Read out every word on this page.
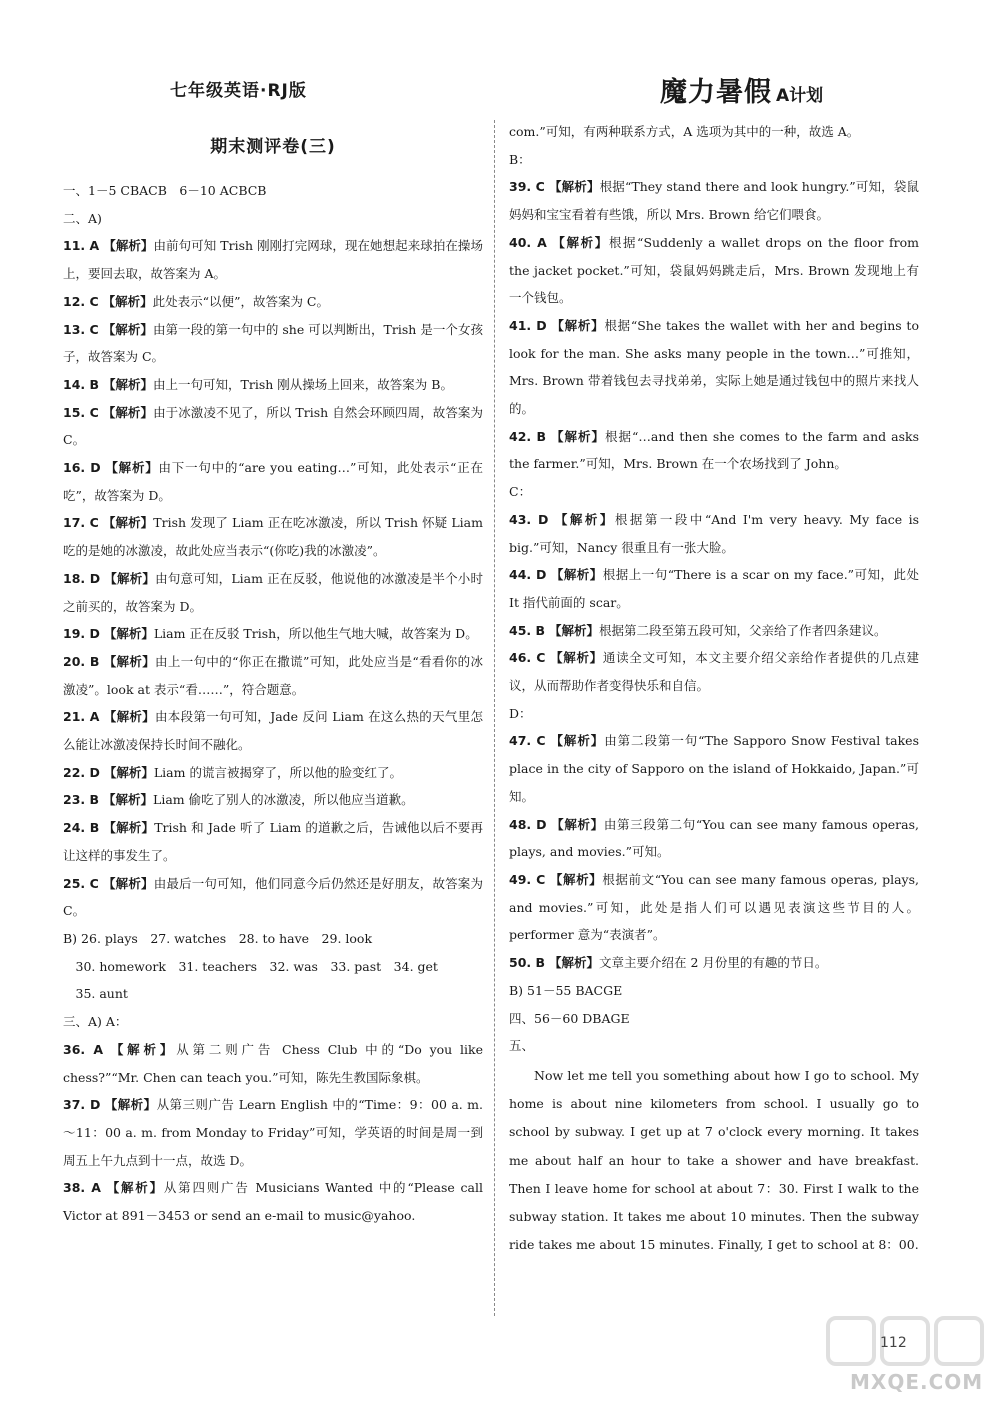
七年级英语·RJ版	魔力暑假 A计划
期末测评卷(三)
一、1－5 CBACB　6－10 ACBCB
二、A)
11. A 【解析】由前句可知 Trish 刚刚打完网球，现在她想起来球拍在操场上，要回去取，故答案为 A。
12. C 【解析】此处表示“以便”，故答案为 C。
13. C 【解析】由第一段的第一句中的 she 可以判断出，Trish 是一个女孩子，故答案为 C。
14. B 【解析】由上一句可知，Trish 刚从操场上回来，故答案为 B。
15. C 【解析】由于冰激凌不见了，所以 Trish 自然会环顾四周，故答案为 C。
16. D 【解析】由下一句中的“are you eating…”可知，此处表示“正在吃”，故答案为 D。
17. C 【解析】Trish 发现了 Liam 正在吃冰激凌，所以 Trish 怀疑 Liam 吃的是她的冰激凌，故此处应当表示“(你吃)我的冰激凌”。
18. D 【解析】由句意可知，Liam 正在反驳，他说他的冰激凌是半个小时之前买的，故答案为 D。
19. D 【解析】Liam 正在反驳 Trish，所以他生气地大喊，故答案为 D。
20. B 【解析】由上一句中的“你正在撒谎”可知，此处应当是“看看你的冰激凌”。look at 表示“看……”，符合题意。
21. A 【解析】由本段第一句可知，Jade 反问 Liam 在这么热的天气里怎么能让冰激凌保持长时间不融化。
22. D 【解析】Liam 的谎言被揭穿了，所以他的脸变红了。
23. B 【解析】Liam 偷吃了别人的冰激凌，所以他应当道歉。
24. B 【解析】Trish 和 Jade 听了 Liam 的道歉之后，告诫他以后不要再让这样的事发生了。
25. C 【解析】由最后一句可知，他们同意今后仍然还是好朋友，故答案为 C。
B) 26. plays　27. watches　28. to have　29. look
　30. homework　31. teachers　32. was　33. past　34. get
　35. aunt
三、A) A：
36. A 【解析】从第二则广告 Chess Club 中的“Do you like chess?”“Mr. Chen can teach you.”可知，陈先生教国际象棋。
37. D 【解析】从第三则广告 Learn English 中的“Time：9：00 a. m. ～11：00 a. m. from Monday to Friday”可知，学英语的时间是周一到周五上午九点到十一点，故选 D。
38. A 【解析】从第四则广告 Musicians Wanted 中的“Please call Victor at 891－3453 or send an e-mail to music@yahoo.
com.”可知，有两种联系方式，A 选项为其中的一种，故选 A。
B：
39. C 【解析】根据“They stand there and look hungry.”可知，袋鼠妈妈和宝宝看着有些饿，所以 Mrs. Brown 给它们喂食。
40. A 【解析】根据“Suddenly a wallet drops on the floor from the jacket pocket.”可知，袋鼠妈妈跳走后，Mrs. Brown 发现地上有一个钱包。
41. D 【解析】根据“She takes the wallet with her and begins to look for the man. She asks many people in the town…”可推知，Mrs. Brown 带着钱包去寻找弟弟，实际上她是通过钱包中的照片来找人的。
42. B 【解析】根据“…and then she comes to the farm and asks the farmer.”可知，Mrs. Brown 在一个农场找到了 John。
C：
43. D 【解析】根据第一段中“And I'm very heavy. My face is big.”可知，Nancy 很重且有一张大脸。
44. D 【解析】根据上一句“There is a scar on my face.”可知，此处 It 指代前面的 scar。
45. B 【解析】根据第二段至第五段可知，父亲给了作者四条建议。
46. C 【解析】通读全文可知，本文主要介绍父亲给作者提供的几点建议，从而帮助作者变得快乐和自信。
D：
47. C 【解析】由第二段第一句“The Sapporo Snow Festival takes place in the city of Sapporo on the island of Hokkaido, Japan.”可知。
48. D 【解析】由第三段第二句“You can see many famous operas, plays, and movies.”可知。
49. C 【解析】根据前文“You can see many famous operas, plays, and movies.”可知，此处是指人们可以遇见表演这些节目的人。performer 意为“表演者”。
50. B 【解析】文章主要介绍在 2 月份里的有趣的节日。
B) 51－55 BACGE
四、56－60 DBAGE
五、
Now let me tell you something about how I go to school. My home is about nine kilometers from school. I usually go to school by subway. I get up at 7 o'clock every morning. It takes me about half an hour to take a shower and have breakfast. Then I leave home for school at about 7：30. First I walk to the subway station. It takes me about 10 minutes. Then the subway ride takes me about 15 minutes. Finally, I get to school at 8：00.
112
MXQE.COM
